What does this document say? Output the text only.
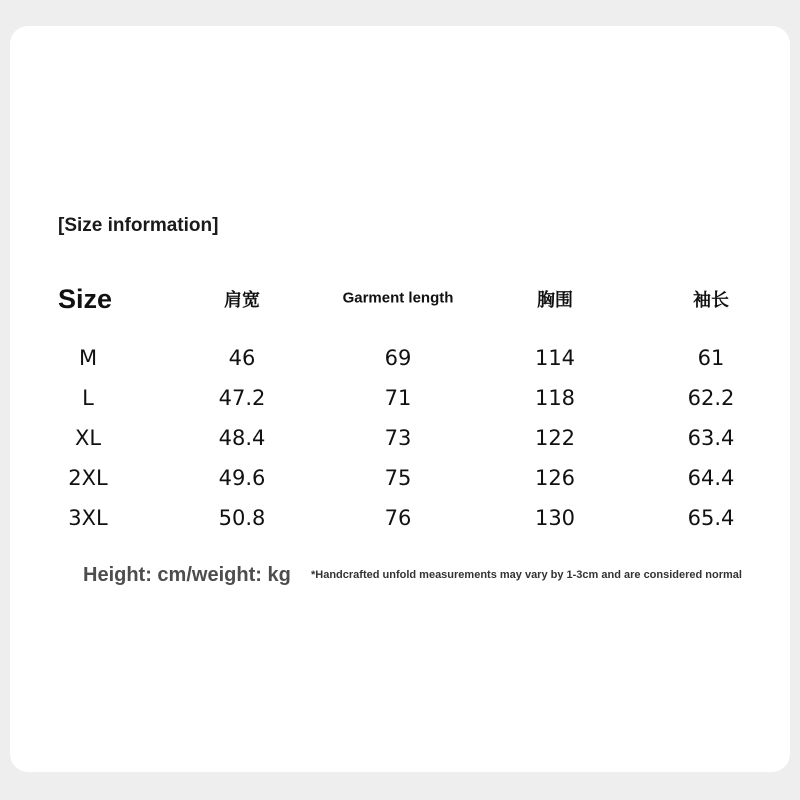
[Size information]
Size	肩宽	Garment length	胸围	袖长
M	46	69	114	61
L	47.2	71	118	62.2
XL	48.4	73	122	63.4
2XL	49.6	75	126	64.4
3XL	50.8	76	130	65.4
Height: cm/weight: kg *Handcrafted unfold measurements may vary by 1-3cm and are considered normal
